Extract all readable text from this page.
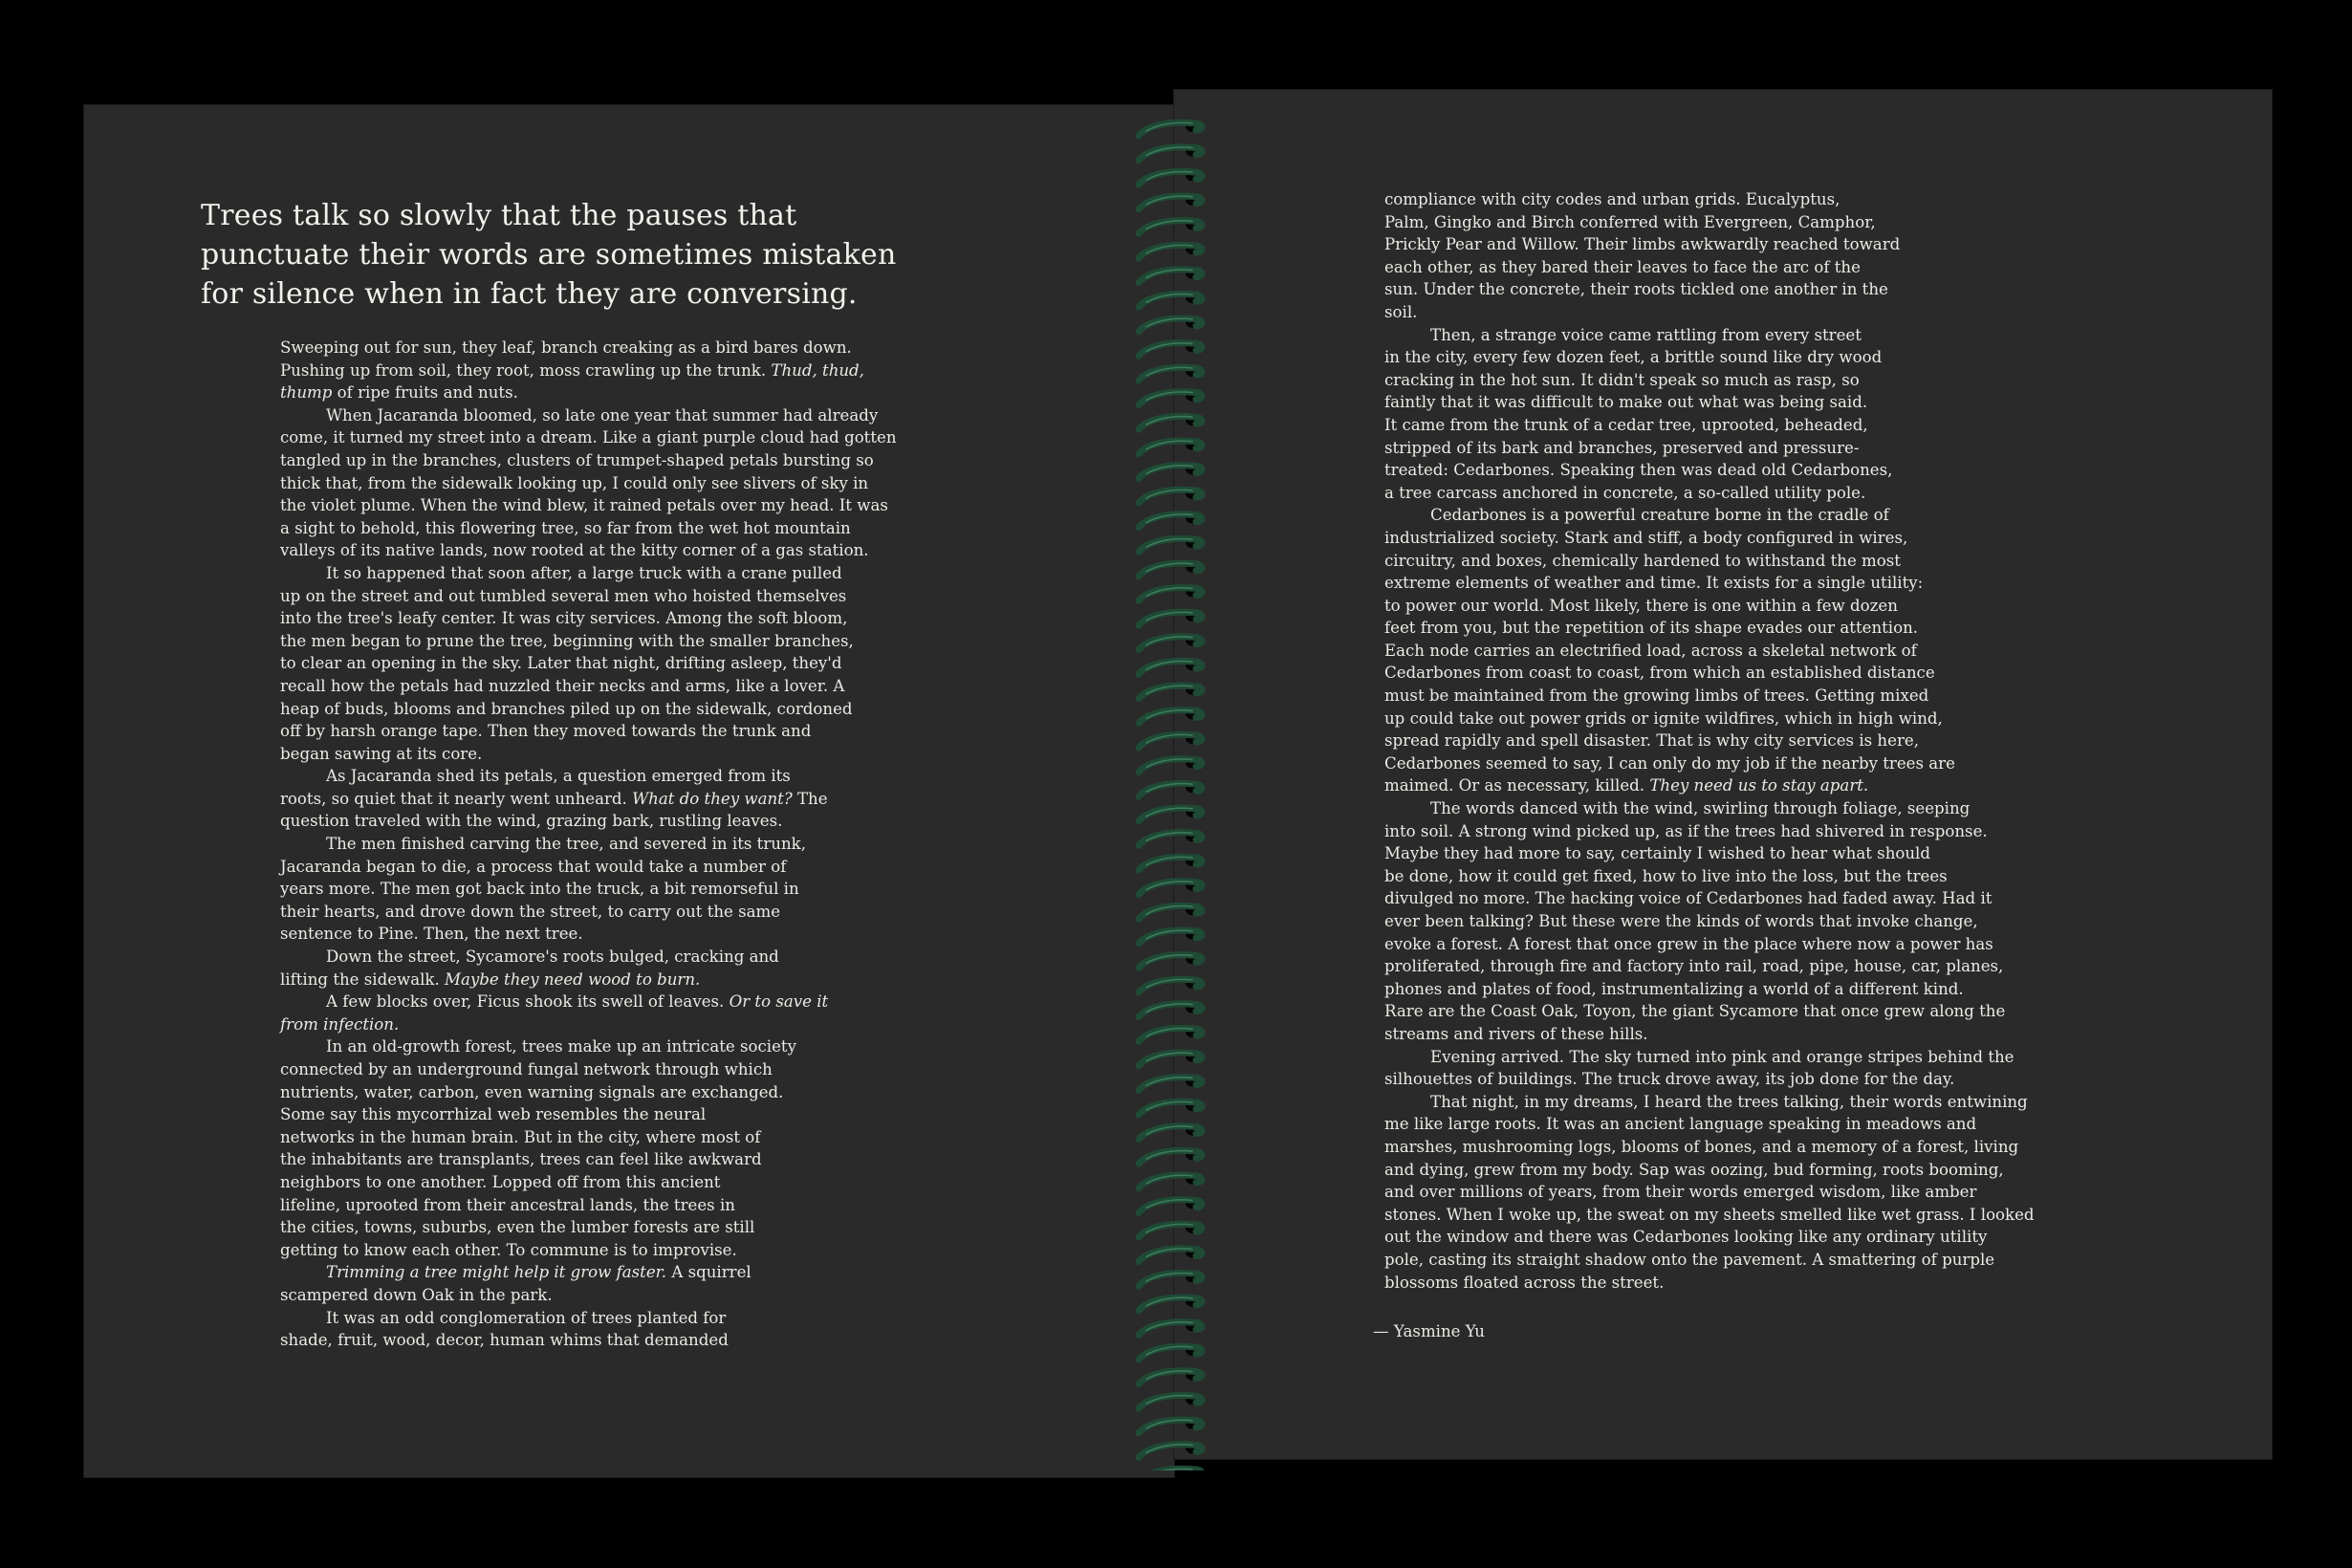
Trees talk so slowly that the pauses that
punctuate their words are sometimes mistaken
for silence when in fact they are conversing.

Sweeping out for sun, they leaf, branch creaking as a bird bares down.
Pushing up from soil, they root, moss crawling up the trunk. Thud, thud,
thump of ripe fruits and nuts.

When Jacaranda bloomed, so late one year that summer had already
come, it turned my street into a dream. Like a giant purple cloud had gotten
tangled up in the branches, clusters of trumpet-shaped petals bursting so
thick that, from the sidewalk looking up, I could only see slivers of sky in
the violet plume. When the wind blew, it rained petals over my head. It was
a sight to behold, this flowering tree, so far from the wet hot mountain
valleys of its native lands, now rooted at the kitty corner of a gas station.

It so happened that soon after, a large truck with a crane pulled
up on the street and out tumbled several men who hoisted themselves
into the tree's leafy center. It was city services. Among the soft bloom,
the men began to prune the tree, beginning with the smaller branches,
to clear an opening in the sky. Later that night, drifting asleep, they'd
recall how the petals had nuzzled their necks and arms, like a lover. A
heap of buds, blooms and branches piled up on the sidewalk, cordoned
off by harsh orange tape. Then they moved towards the trunk and
began sawing at its core.

As Jacaranda shed its petals, a question emerged from its
roots, so quiet that it nearly went unheard. What do they want? The
question traveled with the wind, grazing bark, rustling leaves.

The men finished carving the tree, and severed in its trunk,
Jacaranda began to die, a process that would take a number of
years more. The men got back into the truck, a bit remorseful in
their hearts, and drove down the street, to carry out the same
sentence to Pine. Then, the next tree.

Down the street, Sycamore's roots bulged, cracking and
lifting the sidewalk. Maybe they need wood to burn.

A few blocks over, Ficus shook its swell of leaves. Or to save it
from infection.

In an old-growth forest, trees make up an intricate society
connected by an underground fungal network through which
nutrients, water, carbon, even warning signals are exchanged.
Some say this mycorrhizal web resembles the neural
networks in the human brain. But in the city, where most of
the inhabitants are transplants, trees can feel like awkward
neighbors to one another. Lopped off from this ancient
lifeline, uprooted from their ancestral lands, the trees in
the cities, towns, suburbs, even the lumber forests are still
getting to know each other. To commune is to improvise.

Trimming a tree might help it grow faster. A squirrel
scampered down Oak in the park.

It was an odd conglomeration of trees planted for
shade, fruit, wood, decor, human whims that demanded

compliance with city codes and urban grids. Eucalyptus,
Palm, Gingko and Birch conferred with Evergreen, Camphor,
Prickly Pear and Willow. Their limbs awkwardly reached toward
each other, as they bared their leaves to face the arc of the
sun. Under the concrete, their roots tickled one another in the
soil.

Then, a strange voice came rattling from every street
in the city, every few dozen feet, a brittle sound like dry wood
cracking in the hot sun. It didn't speak so much as rasp, so
faintly that it was difficult to make out what was being said.
It came from the trunk of a cedar tree, uprooted, beheaded,
stripped of its bark and branches, preserved and pressure-
treated: Cedarbones. Speaking then was dead old Cedarbones,
a tree carcass anchored in concrete, a so-called utility pole.

Cedarbones is a powerful creature borne in the cradle of
industrialized society. Stark and stiff, a body configured in wires,
circuitry, and boxes, chemically hardened to withstand the most
extreme elements of weather and time. It exists for a single utility:
to power our world. Most likely, there is one within a few dozen
feet from you, but the repetition of its shape evades our attention.
Each node carries an electrified load, across a skeletal network of
Cedarbones from coast to coast, from which an established distance
must be maintained from the growing limbs of trees. Getting mixed
up could take out power grids or ignite wildfires, which in high wind,
spread rapidly and spell disaster. That is why city services is here,
Cedarbones seemed to say, I can only do my job if the nearby trees are
maimed. Or as necessary, killed. They need us to stay apart.

The words danced with the wind, swirling through foliage, seeping
into soil. A strong wind picked up, as if the trees had shivered in response.
Maybe they had more to say, certainly I wished to hear what should
be done, how it could get fixed, how to live into the loss, but the trees
divulged no more. The hacking voice of Cedarbones had faded away. Had it
ever been talking? But these were the kinds of words that invoke change,
evoke a forest. A forest that once grew in the place where now a power has
proliferated, through fire and factory into rail, road, pipe, house, car, planes,
phones and plates of food, instrumentalizing a world of a different kind.
Rare are the Coast Oak, Toyon, the giant Sycamore that once grew along the
streams and rivers of these hills.

Evening arrived. The sky turned into pink and orange stripes behind the
silhouettes of buildings. The truck drove away, its job done for the day.

That night, in my dreams, I heard the trees talking, their words entwining
me like large roots. It was an ancient language speaking in meadows and
marshes, mushrooming logs, blooms of bones, and a memory of a forest, living
and dying, grew from my body. Sap was oozing, bud forming, roots booming,
and over millions of years, from their words emerged wisdom, like amber
stones. When I woke up, the sweat on my sheets smelled like wet grass. I looked
out the window and there was Cedarbones looking like any ordinary utility
pole, casting its straight shadow onto the pavement. A smattering of purple
blossoms floated across the street.

— Yasmine Yu
